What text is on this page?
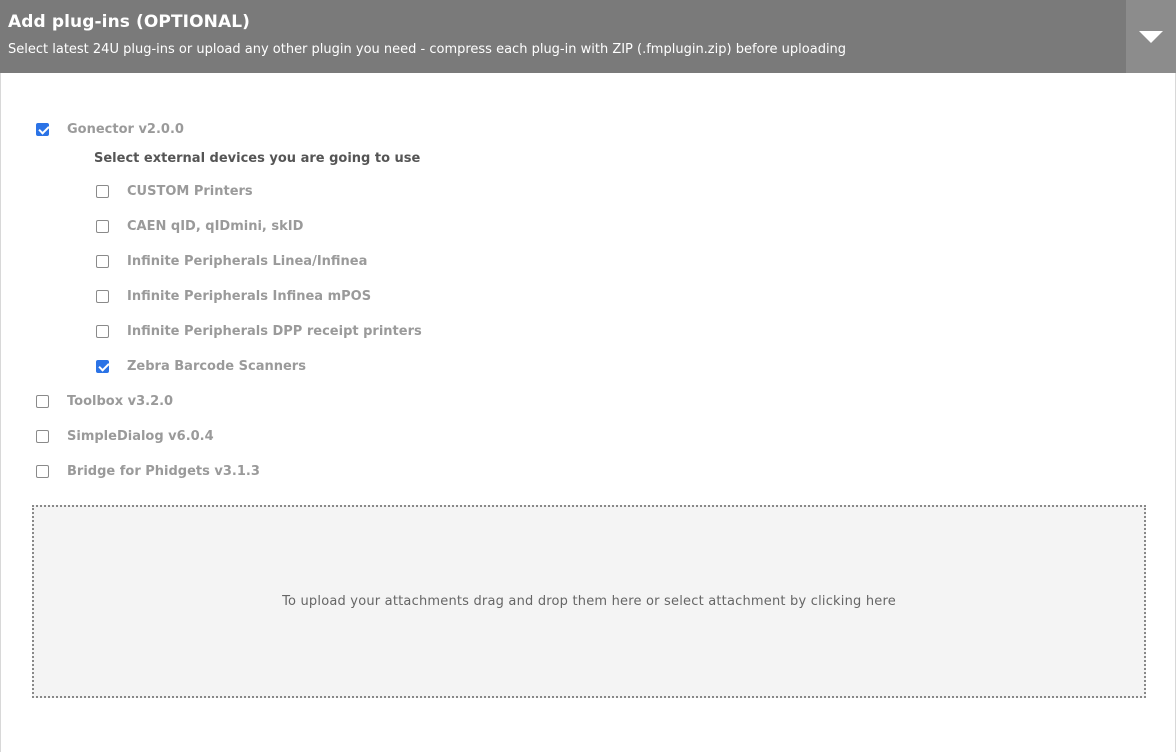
Add plug-ins (OPTIONAL)
Select latest 24U plug-ins or upload any other plugin you need - compress each plug-in with ZIP (.fmplugin.zip) before uploading
Gonector v2.0.0
Select external devices you are going to use
CUSTOM Printers
CAEN qID, qIDmini, skID
Infinite Peripherals Linea/Infinea
Infinite Peripherals Infinea mPOS
Infinite Peripherals DPP receipt printers
Zebra Barcode Scanners
Toolbox v3.2.0
SimpleDialog v6.0.4
Bridge for Phidgets v3.1.3
To upload your attachments drag and drop them here or select attachment by clicking here
